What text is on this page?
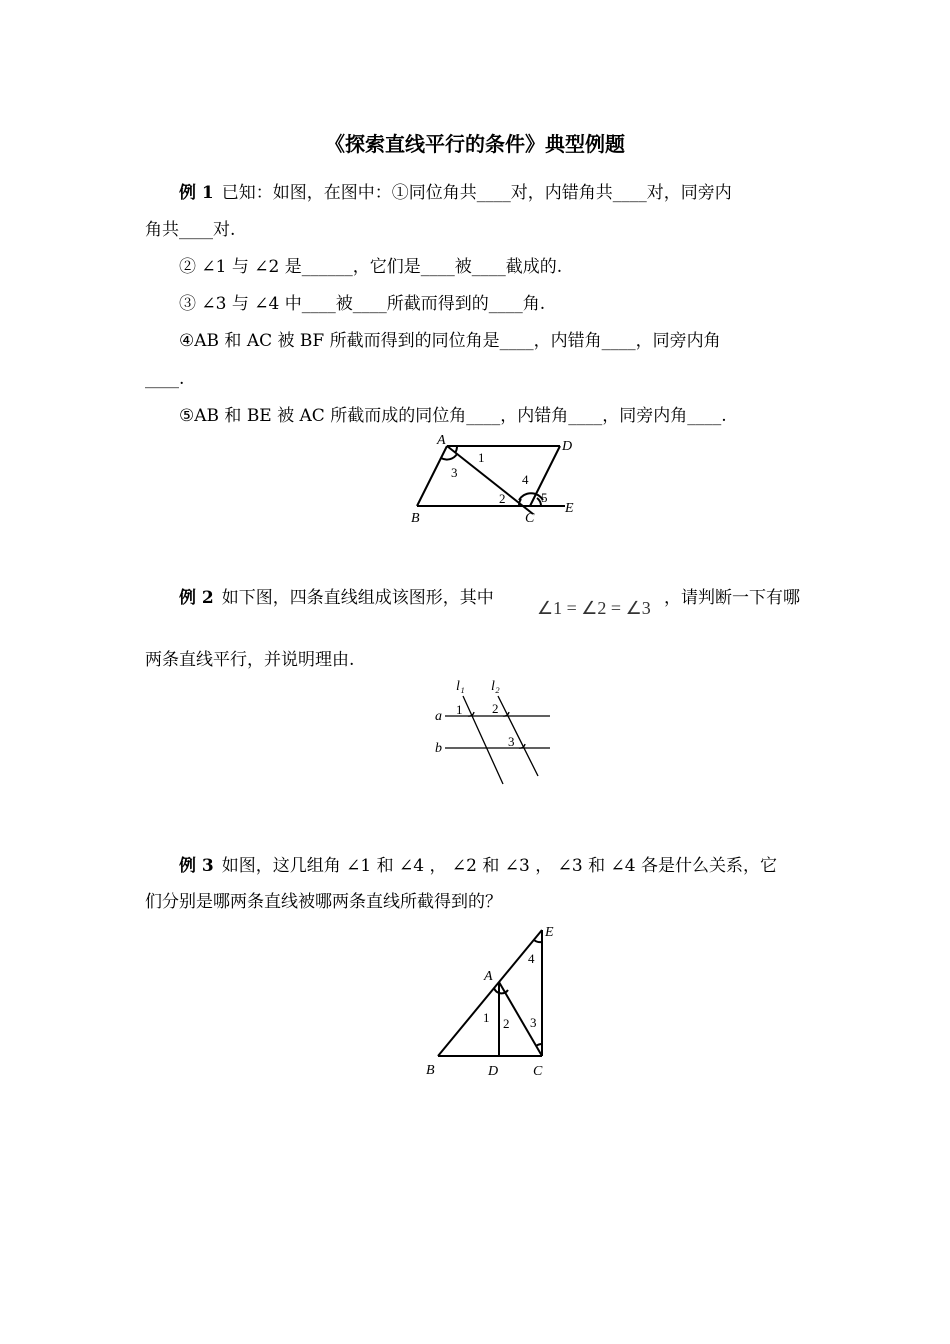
《探索直线平行的条件》典型例题
例 1 已知：如图，在图中：①同位角共____对，内错角共____对，同旁内
角共____对.
② ∠1 与 ∠2 是______，它们是____被____截成的.
③ ∠3 与 ∠4 中____被____所截而得到的____角.
④AB 和 AC 被 BF 所截而得到的同位角是____，内错角____，同旁内角
____.
⑤AB 和 BE 被 AC 所截而成的同位角____，内错角____，同旁内角____.
A
B	C
D
E
1
2
3	4
5
例 2 如下图，四条直线组成该图形，其中 ∠1 = ∠2 = ∠3 ，请判断一下有哪
两条直线平行，并说明理由.
l₁ l₂
a
b
1 2
3
例 3 如图，这几组角 ∠1 和 ∠4 ， ∠2 和 ∠3 ， ∠3 和 ∠4 各是什么关系，它
们分别是哪两条直线被哪两条直线所截得到的？
A
B	C
D
E
1 2 3
4
